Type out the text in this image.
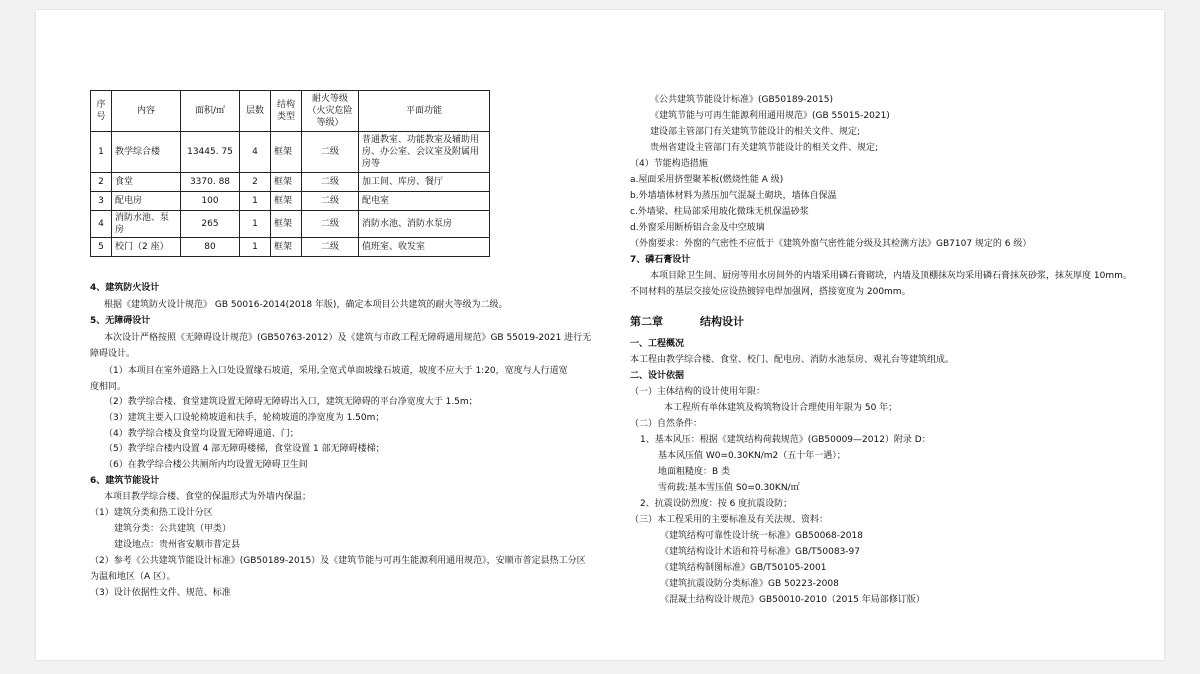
序号	内容	面积/㎡	层数	结构类型	耐火等级（火灾危险等级）	平面功能
1	教学综合楼	13445. 75	4	框架	二级	普通教室、功能教室及辅助用房、办公室、会议室及附属用房等
2	食堂	3370. 88	2	框架	二级	加工间、库房、餐厅
3	配电房	100	1	框架	二级	配电室
4	消防水池、泵房	265	1	框架	二级	消防水池、消防水泵房
5	校门（2 座）	80	1	框架	二级	值班室、收发室
4、建筑防火设计
根据《建筑防火设计规范》 GB 50016-2014(2018 年版)，确定本项目公共建筑的耐火等级为二级。
5、无障碍设计
本次设计严格按照《无障碍设计规范》(GB50763-2012）及《建筑与市政工程无障碍通用规范》GB 55019-2021 进行无
障碍设计。
（1）本项目在室外道路上入口处设置缘石坡道，采用,全宽式单面坡缘石坡道，坡度不应大于 1:20，宽度与人行道宽
度相同。
（2）教学综合楼、食堂建筑设置无障碍无障碍出入口，建筑无障碍的平台净宽度大于 1.5m；
（3）建筑主要入口设轮椅坡道和扶手，轮椅坡道的净宽度为 1.50m；
（4）教学综合楼及食堂均设置无障碍通道、门；
（5）教学综合楼内设置 4 部无障碍楼梯，食堂设置 1 部无障碍楼梯；
（6）在教学综合楼公共厕所内均设置无障碍卫生间
6、建筑节能设计
本项目教学综合楼、食堂的保温形式为外墙内保温；
（1）建筑分类和热工设计分区
建筑分类：公共建筑（甲类）
建设地点：贵州省安顺市普定县
（2）参考《公共建筑节能设计标准》(GB50189-2015）及《建筑节能与可再生能源利用通用规范》，安顺市普定县热工分区
为温和地区（A 区）。
（3）设计依据性文件、规范、标准
《公共建筑节能设计标准》(GB50189-2015)
《建筑节能与可再生能源利用通用规范》(GB 55015-2021)
建设部主管部门有关建筑节能设计的相关文件、规定;
贵州省建设主管部门有关建筑节能设计的相关文件、规定;
（4）节能构造措施
a.屋面采用挤塑聚苯板(燃烧性能 A 级)
b.外墙墙体材料为蒸压加气混凝土砌块，墙体自保温
c.外墙梁、柱局部采用玻化微珠无机保温砂浆
d.外窗采用断桥铝合金及中空玻璃
（外窗要求：外窗的气密性不应低于《建筑外窗气密性能分级及其检测方法》GB7107 规定的 6 级）
7、磷石膏设计
本项目除卫生间、厨房等用水房间外的内墙采用磷石膏砌块，内墙及顶棚抹灰均采用磷石膏抹灰砂浆，抹灰厚度 10mm。
不同材料的基层交接处应设热镀锌电焊加强网，搭接宽度为 200mm。
第二章	结构设计
一、工程概况
本工程由教学综合楼、食堂、校门、配电房、消防水池泵房、观礼台等建筑组成。
二、设计依据
（一）主体结构的设计使用年限：
本工程所有单体建筑及构筑物设计合理使用年限为 50 年；
（二）自然条件：
1、基本风压：根据《建筑结构荷载规范》(GB50009—2012）附录 D：
基本风压值 W0=0.30KN/m2（五十年一遇）；
地面粗糙度：B 类
雪荷载:基本雪压值 S0=0.30KN/㎡
2、抗震设防烈度：按 6 度抗震设防；
（三）本工程采用的主要标准及有关法规、资料：
《建筑结构可靠性设计统一标准》GB50068-2018
《建筑结构设计术语和符号标准》GB/T50083-97
《建筑结构制图标准》GB/T50105-2001
《建筑抗震设防分类标准》GB 50223-2008
《混凝土结构设计规范》GB50010-2010（2015 年局部修订版）
